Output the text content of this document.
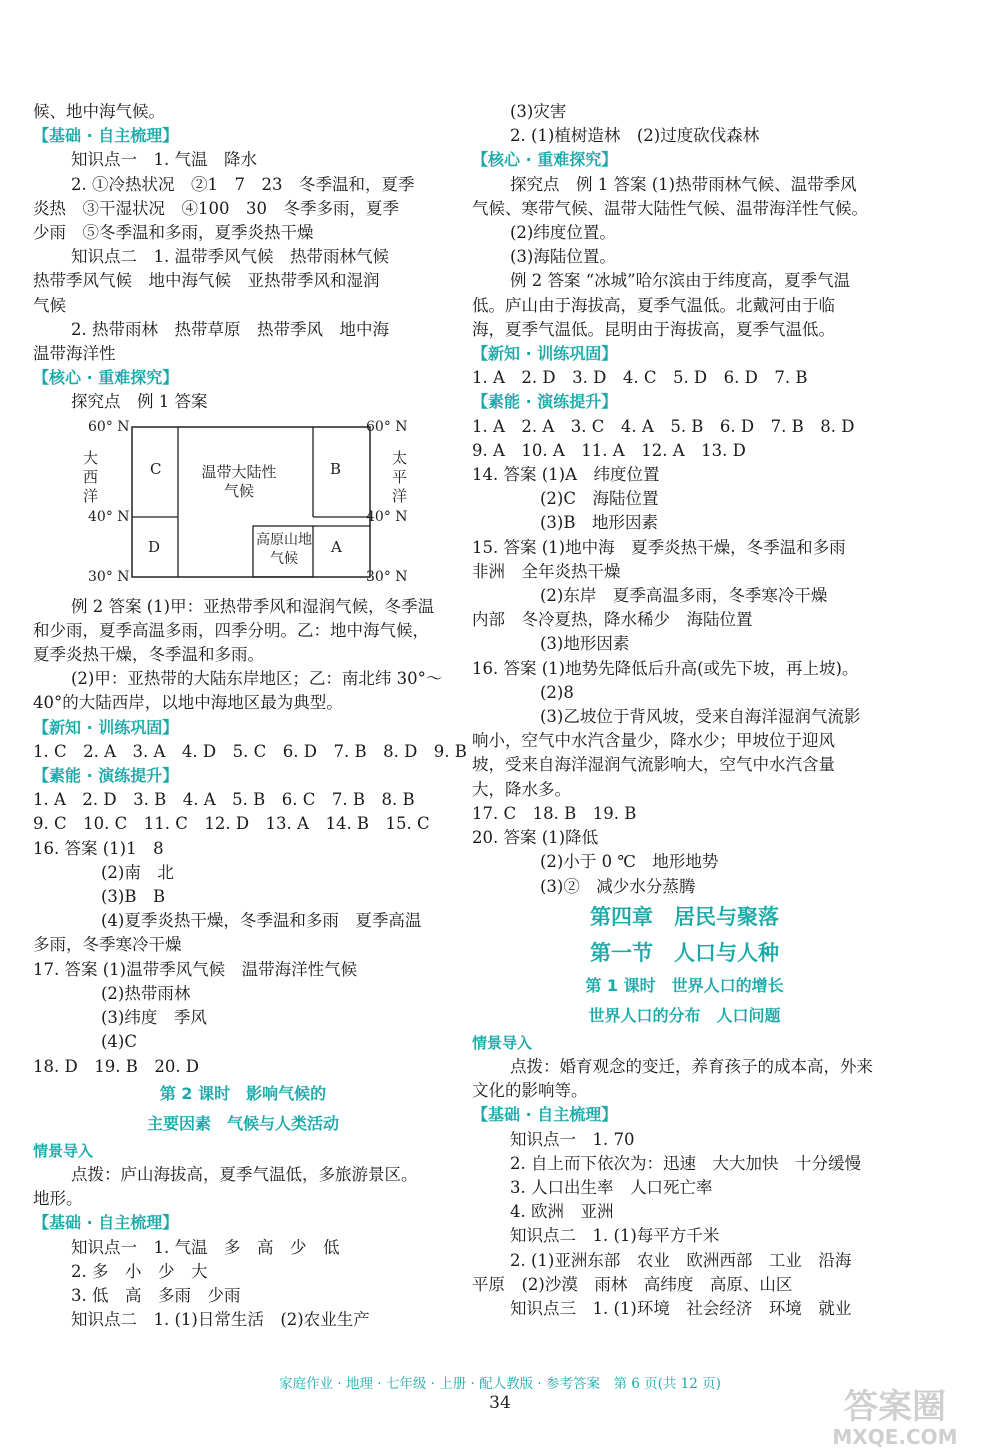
候、地中海气候。
【基础 · 自主梳理】
知识点一　1. 气温　降水
2. ①冷热状况　②1　7　23　冬季温和，夏季
炎热　③干湿状况　④100　30　冬季多雨，夏季
少雨　⑤冬季温和多雨，夏季炎热干燥
知识点二　1. 温带季风气候　热带雨林气候
热带季风气候　地中海气候　亚热带季风和湿润
气候
2. 热带雨林　热带草原　热带季风　地中海
温带海洋性
【核心 · 重难探究】
探究点　例 1 答案
60° N	60° N
40° N	40° N
30° N	30° N
大西洋
太平洋
C	B
D	A
温带大陆性气候
高原山地气候
例 2 答案 (1)甲：亚热带季风和湿润气候，冬季温
和少雨，夏季高温多雨，四季分明。乙：地中海气候，
夏季炎热干燥，冬季温和多雨。
(2)甲：亚热带的大陆东岸地区；乙：南北纬 30°～
40°的大陆西岸，以地中海地区最为典型。
【新知 · 训练巩固】
1. C　2. A　3. A　4. D　5. C　6. D　7. B　8. D　9. B
【素能 · 演练提升】
1. A　2. D　3. B　4. A　5. B　6. C　7. B　8. B
9. C　10. C　11. C　12. D　13. A　14. B　15. C
16. 答案 (1)1　8
(2)南　北
(3)B　B
(4)夏季炎热干燥，冬季温和多雨　夏季高温
多雨，冬季寒冷干燥
17. 答案 (1)温带季风气候　温带海洋性气候
(2)热带雨林
(3)纬度　季风
(4)C
18. D　19. B　20. D
第 2 课时　影响气候的
主要因素　气候与人类活动
情景导入
点拨：庐山海拔高，夏季气温低，多旅游景区。
地形。
【基础 · 自主梳理】
知识点一　1. 气温　多　高　少　低
2. 多　小　少　大
3. 低　高　多雨　少雨
知识点二　1. (1)日常生活　(2)农业生产
(3)灾害
2. (1)植树造林　(2)过度砍伐森林
【核心 · 重难探究】
探究点　例 1 答案 (1)热带雨林气候、温带季风
气候、寒带气候、温带大陆性气候、温带海洋性气候。
(2)纬度位置。
(3)海陆位置。
例 2 答案 “冰城”哈尔滨由于纬度高，夏季气温
低。庐山由于海拔高，夏季气温低。北戴河由于临
海，夏季气温低。昆明由于海拔高，夏季气温低。
【新知 · 训练巩固】
1. A　2. D　3. D　4. C　5. D　6. D　7. B
【素能 · 演练提升】
1. A　2. A　3. C　4. A　5. B　6. D　7. B　8. D
9. A　10. A　11. A　12. A　13. D
14. 答案 (1)A　纬度位置
(2)C　海陆位置
(3)B　地形因素
15. 答案 (1)地中海　夏季炎热干燥，冬季温和多雨
非洲　全年炎热干燥
(2)东岸　夏季高温多雨，冬季寒冷干燥
内部　冬冷夏热，降水稀少　海陆位置
(3)地形因素
16. 答案 (1)地势先降低后升高(或先下坡，再上坡)。
(2)8
(3)乙坡位于背风坡，受来自海洋湿润气流影
响小，空气中水汽含量少，降水少；甲坡位于迎风
坡，受来自海洋湿润气流影响大，空气中水汽含量
大，降水多。
17. C　18. B　19. B
20. 答案 (1)降低
(2)小于 0 ℃　地形地势
(3)②　减少水分蒸腾
第四章　居民与聚落
第一节　人口与人种
第 1 课时　世界人口的增长
世界人口的分布　人口问题
情景导入
点拨：婚育观念的变迁，养育孩子的成本高，外来
文化的影响等。
【基础 · 自主梳理】
知识点一　1. 70
2. 自上而下依次为：迅速　大大加快　十分缓慢
3. 人口出生率　人口死亡率
4. 欧洲　亚洲
知识点二　1. (1)每平方千米
2. (1)亚洲东部　农业　欧洲西部　工业　沿海
平原　(2)沙漠　雨林　高纬度　高原、山区
知识点三　1. (1)环境　社会经济　环境　就业
家庭作业 · 地理 · 七年级 · 上册 · 配人教版 · 参考答案　第 6 页(共 12 页)
34	答案圈
MXQE.COM
